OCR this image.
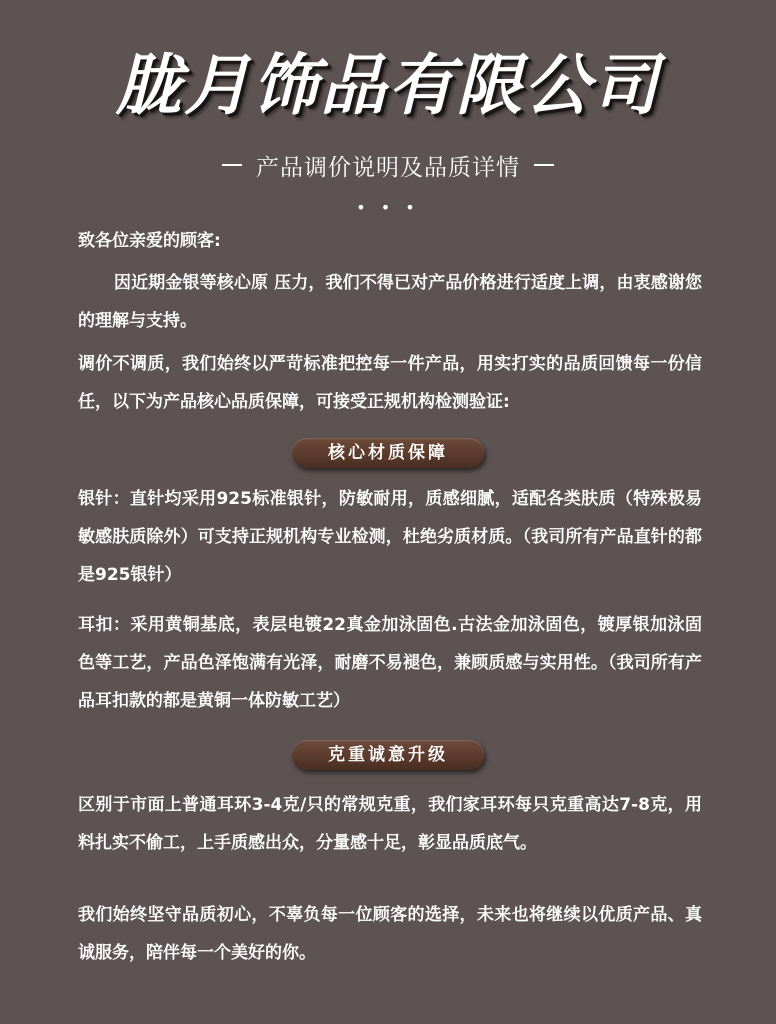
胧月饰品有限公司
产品调价说明及品质详情
• • •
致各位亲爱的顾客:
因近期金银等核心原 压力，我们不得已对产品价格进行适度上调，由衷感谢您的理解与支持。
调价不调质，我们始终以严苛标准把控每一件产品，用实打实的品质回馈每一份信任，以下为产品核心品质保障，可接受正规机构检测验证:
核心材质保障
银针：直针均采用925标准银针，防敏耐用，质感细腻，适配各类肤质（特殊极易敏感肤质除外）可支持正规机构专业检测，杜绝劣质材质。（我司所有产品直针的都是925银针）
耳扣：采用黄铜基底，表层电镀22真金加泳固色.古法金加泳固色，镀厚银加泳固色等工艺，产品色泽饱满有光泽，耐磨不易褪色，兼顾质感与实用性。（我司所有产品耳扣款的都是黄铜一体防敏工艺）
克重诚意升级
区别于市面上普通耳环3-4克/只的常规克重，我们家耳环每只克重高达7-8克，用料扎实不偷工，上手质感出众，分量感十足，彰显品质底气。
我们始终坚守品质初心，不辜负每一位顾客的选择，未来也将继续以优质产品、真诚服务，陪伴每一个美好的你。
